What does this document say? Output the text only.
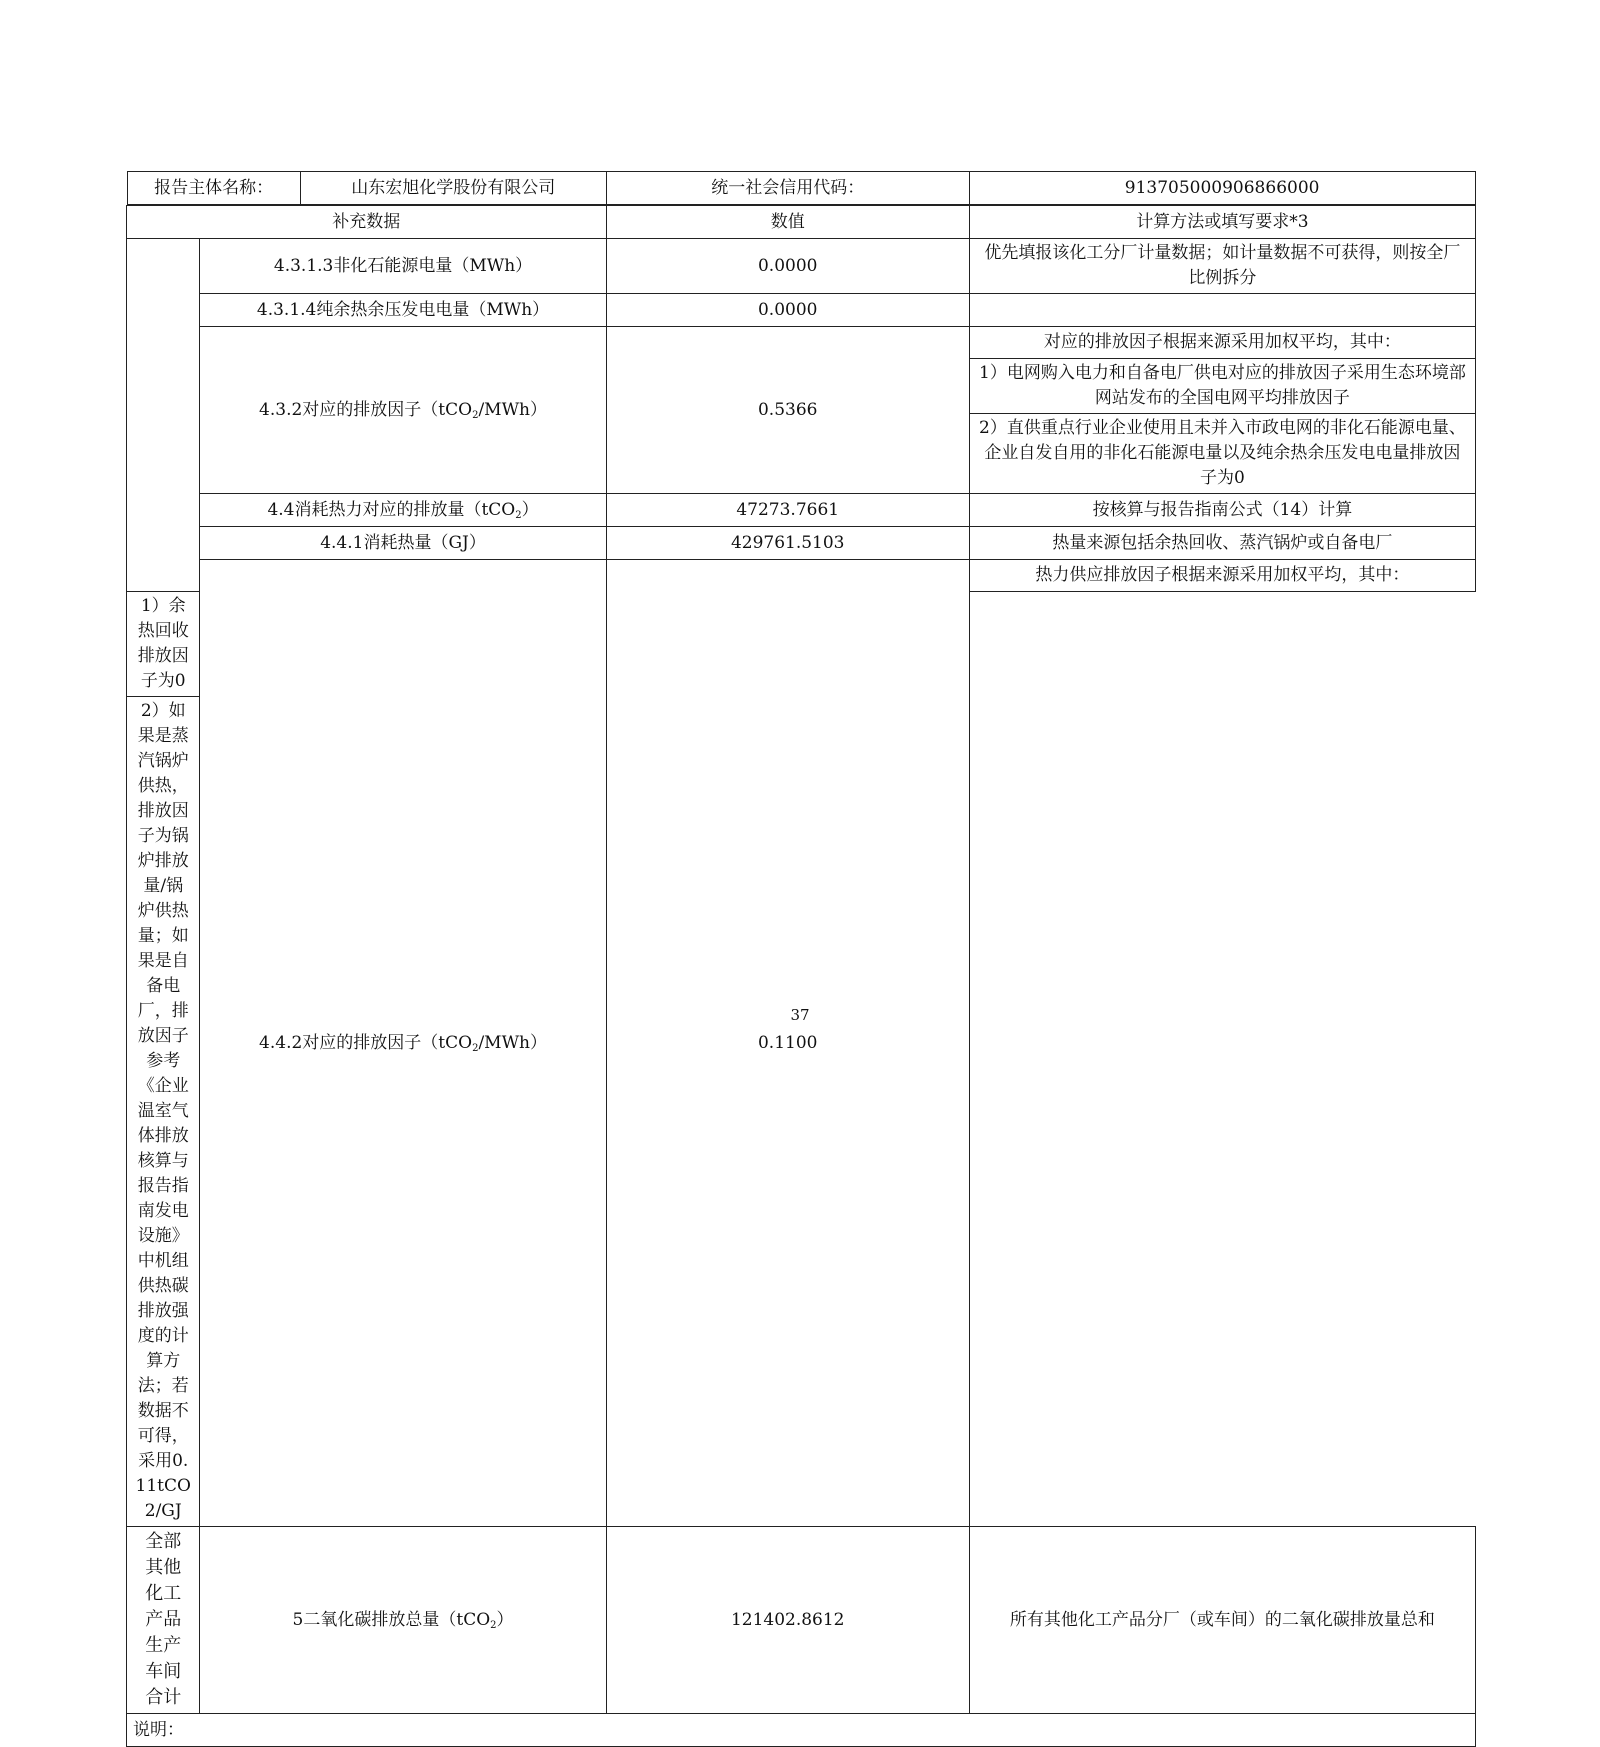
报告主体名称：	山东宏旭化学股份有限公司	统一社会信用代码：	913705000906866000

补充数据	数值	计算方法或填写要求*3
	4.3.1.3非化石能源电量（MWh）	0.0000	优先填报该化工分厂计量数据；如计量数据不可获得，则按全厂比例拆分
4.3.1.4纯余热余压发电电量（MWh）	0.0000	
4.3.2对应的排放因子（tCO$_2$/MWh）	0.5366	对应的排放因子根据来源采用加权平均，其中：
1）电网购入电力和自备电厂供电对应的排放因子采用生态环境部网站发布的全国电网平均排放因子
2）直供重点行业企业使用且未并入市政电网的非化石能源电量、企业自发自用的非化石能源电量以及纯余热余压发电电量排放因子为0
4.4消耗热力对应的排放量（tCO$_2$）	47273.7661	按核算与报告指南公式（14）计算
4.4.1消耗热量（GJ）	429761.5103	热量来源包括余热回收、蒸汽锅炉或自备电厂
4.4.2对应的排放因子（tCO$_2$/MWh）	0.1100	热力供应排放因子根据来源采用加权平均，其中：
1）余热回收排放因子为0
2）如果是蒸汽锅炉供热，排放因子为锅炉排放量/锅炉供热量；如果是自备电厂，排放因子参考《企业温室气体排放核算与报告指南发电设施》中机组供热碳排放强度的计算方法；若数据不可得，采用0.11tCO2/GJ
全部其他化工产品生产车间合计	5二氧化碳排放总量（tCO$_2$）	121402.8612	所有其他化工产品分厂（或车间）的二氧化碳排放量总和
说明：
37
